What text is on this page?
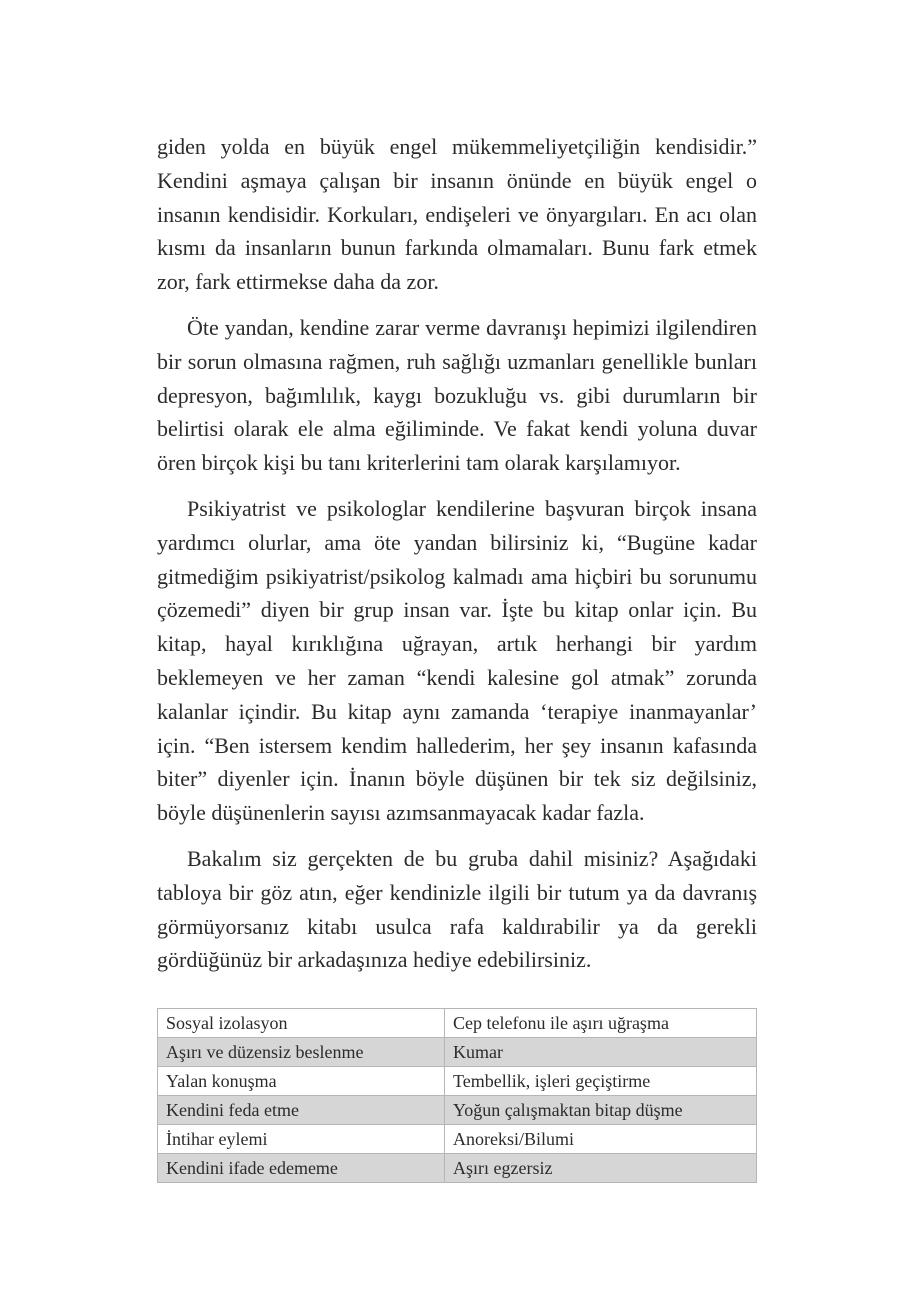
giden yolda en büyük engel mükemmeliyetçiliğin kendisidir.” Kendini aşmaya çalışan bir insanın önünde en büyük engel o insanın kendisidir. Korkuları, endişeleri ve önyargıları. En acı olan kısmı da insanların bunun farkında olmamaları. Bunu fark etmek zor, fark ettirmekse daha da zor.

Öte yandan, kendine zarar verme davranışı hepimizi ilgilendiren bir sorun olmasına rağmen, ruh sağlığı uzmanları genellikle bunları depresyon, bağımlılık, kaygı bozukluğu vs. gibi durumların bir belirtisi olarak ele alma eğiliminde. Ve fakat kendi yoluna duvar ören birçok kişi bu tanı kriterlerini tam olarak karşılamıyor.

Psikiyatrist ve psikologlar kendilerine başvuran birçok insana yardımcı olurlar, ama öte yandan bilirsiniz ki, “Bugüne kadar gitmediğim psikiyatrist/psikolog kalmadı ama hiçbiri bu sorunumu çözemedi” diyen bir grup insan var. İşte bu kitap onlar için. Bu kitap, hayal kırıklığına uğrayan, artık herhangi bir yardım beklemeyen ve her zaman “kendi kalesine gol atmak” zorunda kalanlar içindir. Bu kitap aynı zamanda ‘terapiye inanmayanlar’ için. “Ben istersem kendim hallederim, her şey insanın kafasında biter” diyenler için. İnanın böyle düşünen bir tek siz değilsiniz, böyle düşünenlerin sayısı azımsanmayacak kadar fazla.

Bakalım siz gerçekten de bu gruba dahil misiniz? Aşağıdaki tabloya bir göz atın, eğer kendinizle ilgili bir tutum ya da davranış görmüyorsanız kitabı usulca rafa kaldırabilir ya da gerekli gördüğünüz bir arkadaşınıza hediye edebilirsiniz.

Sosyal izolasyon	Cep telefonu ile aşırı uğraşma
Aşırı ve düzensiz beslenme	Kumar
Yalan konuşma	Tembellik, işleri geçiştirme
Kendini feda etme	Yoğun çalışmaktan bitap düşme
İntihar eylemi	Anoreksi/Bilumi
Kendini ifade edememe	Aşırı egzersiz
